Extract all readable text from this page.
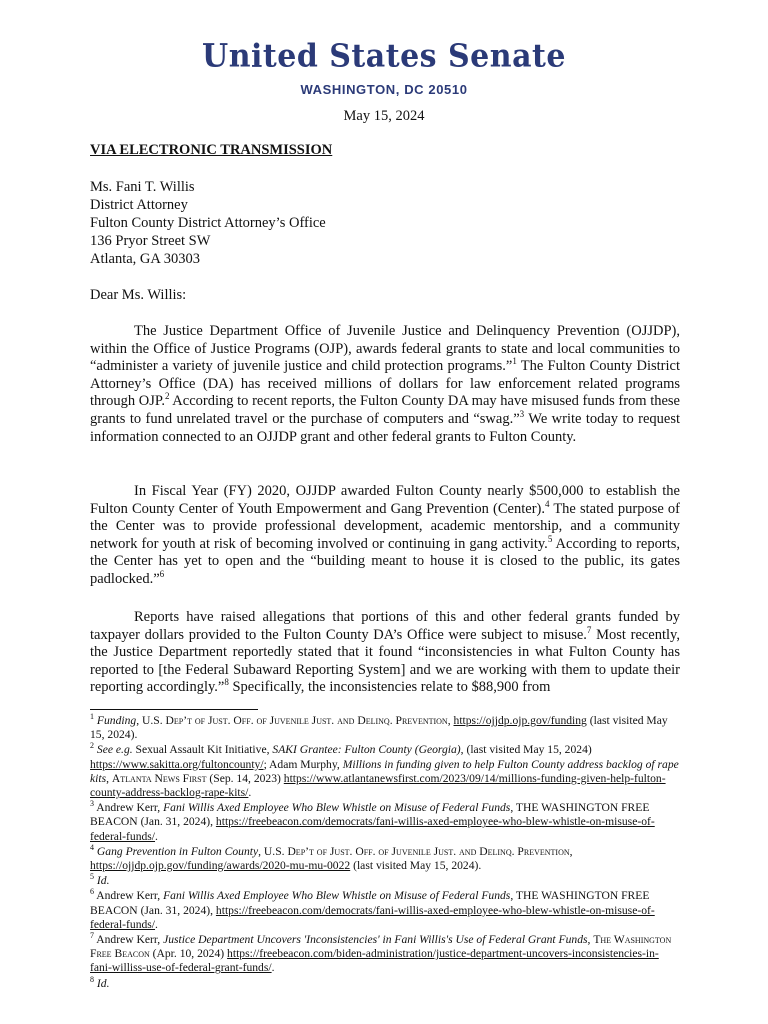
United States Senate
WASHINGTON, DC 20510
May 15, 2024
VIA ELECTRONIC TRANSMISSION
Ms. Fani T. Willis
District Attorney
Fulton County District Attorney’s Office
136 Pryor Street SW
Atlanta, GA 30303
Dear Ms. Willis:

The Justice Department Office of Juvenile Justice and Delinquency Prevention (OJJDP), within the Office of Justice Programs (OJP), awards federal grants to state and local communities to “administer a variety of juvenile justice and child protection programs.”$^1$ The Fulton County District Attorney’s Office (DA) has received millions of dollars for law enforcement related programs through OJP.$^2$ According to recent reports, the Fulton County DA may have misused funds from these grants to fund unrelated travel or the purchase of computers and “swag.”$^3$ We write today to request information connected to an OJJDP grant and other federal grants to Fulton County.

In Fiscal Year (FY) 2020, OJJDP awarded Fulton County nearly $500,000 to establish the Fulton County Center of Youth Empowerment and Gang Prevention (Center).$^4$ The stated purpose of the Center was to provide professional development, academic mentorship, and a community network for youth at risk of becoming involved or continuing in gang activity.$^5$ According to reports, the Center has yet to open and the “building meant to house it is closed to the public, its gates padlocked.”$^6$

Reports have raised allegations that portions of this and other federal grants funded by taxpayer dollars provided to the Fulton County DA’s Office were subject to misuse.$^7$ Most recently, the Justice Department reportedly stated that it found “inconsistencies in what Fulton County has reported to [the Federal Subaward Reporting System] and we are working with them to update their reporting accordingly.”$^8$ Specifically, the inconsistencies relate to $88,900 from

$^1$ Funding, U.S. Dep’t of Just. Off. of Juvenile Just. and Delinq. Prevention, https://ojjdp.ojp.gov/funding (last visited May 15, 2024).

$^2$ See e.g. Sexual Assault Kit Initiative, SAKI Grantee: Fulton County (Georgia), (last visited May 15, 2024) https://www.sakitta.org/fultoncounty/; Adam Murphy, Millions in funding given to help Fulton County address backlog of rape kits, Atlanta News First (Sep. 14, 2023) https://www.atlantanewsfirst.com/2023/09/14/millions-funding-given-help-fulton-county-address-backlog-rape-kits/.

$^3$ Andrew Kerr, Fani Willis Axed Employee Who Blew Whistle on Misuse of Federal Funds, THE WASHINGTON FREE BEACON (Jan. 31, 2024), https://freebeacon.com/democrats/fani-willis-axed-employee-who-blew-whistle-on-misuse-of-federal-funds/.

$^4$ Gang Prevention in Fulton County, U.S. Dep’t of Just. Off. of Juvenile Just. and Delinq. Prevention, https://ojjdp.ojp.gov/funding/awards/2020-mu-mu-0022 (last visited May 15, 2024).

$^5$ Id.

$^6$ Andrew Kerr, Fani Willis Axed Employee Who Blew Whistle on Misuse of Federal Funds, THE WASHINGTON FREE BEACON (Jan. 31, 2024), https://freebeacon.com/democrats/fani-willis-axed-employee-who-blew-whistle-on-misuse-of-federal-funds/.

$^7$ Andrew Kerr, Justice Department Uncovers 'Inconsistencies' in Fani Willis's Use of Federal Grant Funds, The Washington Free Beacon (Apr. 10, 2024) https://freebeacon.com/biden-administration/justice-department-uncovers-inconsistencies-in-fani-williss-use-of-federal-grant-funds/.

$^8$ Id.
